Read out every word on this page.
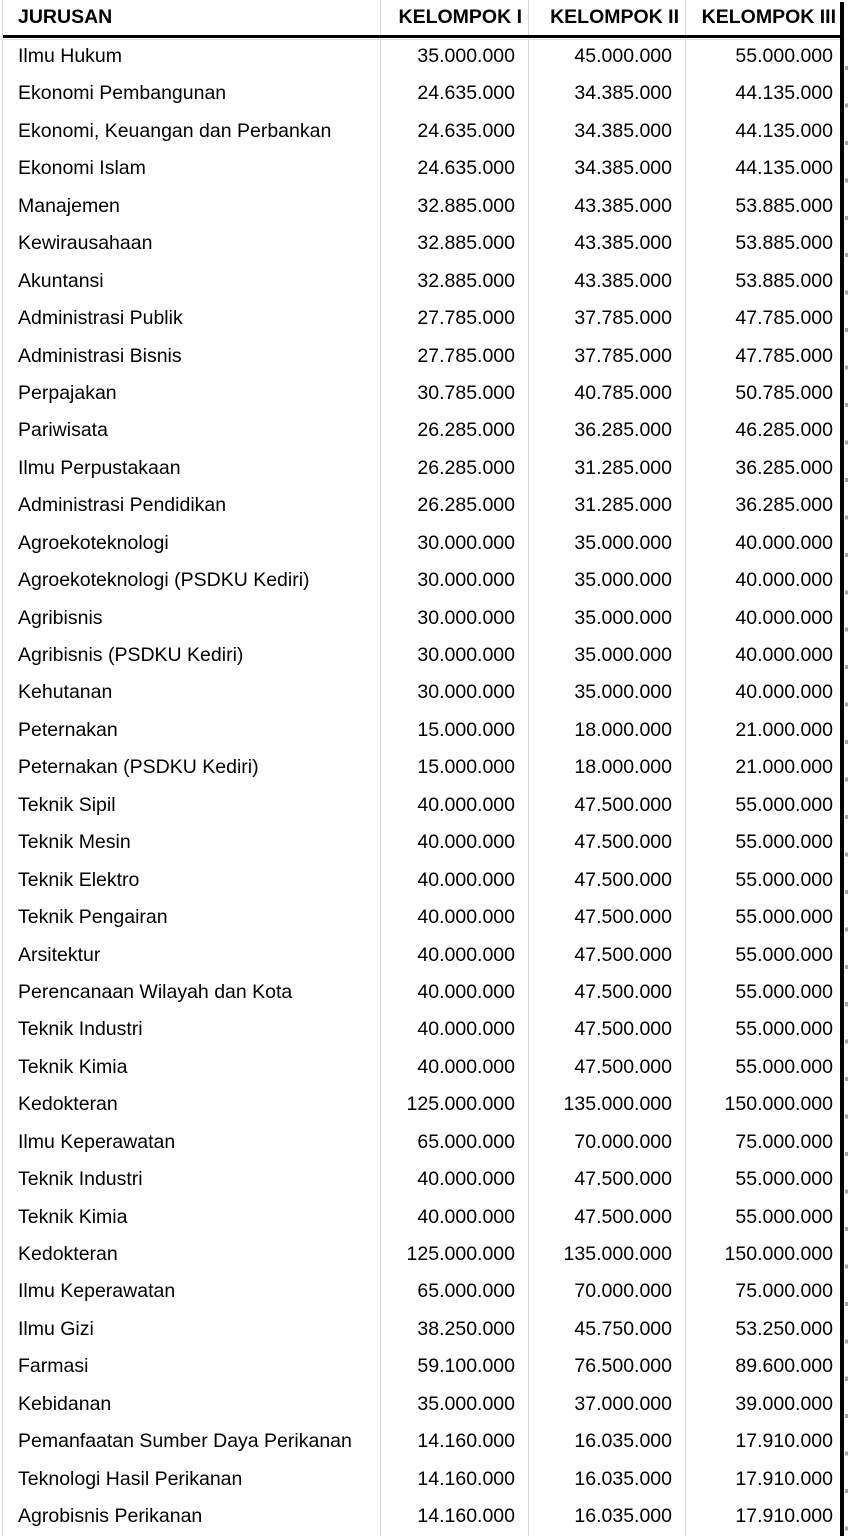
JURUSAN	KELOMPOK I	KELOMPOK II	KELOMPOK III
Ilmu Hukum	35.000.000	45.000.000	55.000.000
Ekonomi Pembangunan	24.635.000	34.385.000	44.135.000
Ekonomi, Keuangan dan Perbankan	24.635.000	34.385.000	44.135.000
Ekonomi Islam	24.635.000	34.385.000	44.135.000
Manajemen	32.885.000	43.385.000	53.885.000
Kewirausahaan	32.885.000	43.385.000	53.885.000
Akuntansi	32.885.000	43.385.000	53.885.000
Administrasi Publik	27.785.000	37.785.000	47.785.000
Administrasi Bisnis	27.785.000	37.785.000	47.785.000
Perpajakan	30.785.000	40.785.000	50.785.000
Pariwisata	26.285.000	36.285.000	46.285.000
Ilmu Perpustakaan	26.285.000	31.285.000	36.285.000
Administrasi Pendidikan	26.285.000	31.285.000	36.285.000
Agroekoteknologi	30.000.000	35.000.000	40.000.000
Agroekoteknologi (PSDKU Kediri)	30.000.000	35.000.000	40.000.000
Agribisnis	30.000.000	35.000.000	40.000.000
Agribisnis (PSDKU Kediri)	30.000.000	35.000.000	40.000.000
Kehutanan	30.000.000	35.000.000	40.000.000
Peternakan	15.000.000	18.000.000	21.000.000
Peternakan (PSDKU Kediri)	15.000.000	18.000.000	21.000.000
Teknik Sipil	40.000.000	47.500.000	55.000.000
Teknik Mesin	40.000.000	47.500.000	55.000.000
Teknik Elektro	40.000.000	47.500.000	55.000.000
Teknik Pengairan	40.000.000	47.500.000	55.000.000
Arsitektur	40.000.000	47.500.000	55.000.000
Perencanaan Wilayah dan Kota	40.000.000	47.500.000	55.000.000
Teknik Industri	40.000.000	47.500.000	55.000.000
Teknik Kimia	40.000.000	47.500.000	55.000.000
Kedokteran	125.000.000	135.000.000	150.000.000
Ilmu Keperawatan	65.000.000	70.000.000	75.000.000
Teknik Industri	40.000.000	47.500.000	55.000.000
Teknik Kimia	40.000.000	47.500.000	55.000.000
Kedokteran	125.000.000	135.000.000	150.000.000
Ilmu Keperawatan	65.000.000	70.000.000	75.000.000
Ilmu Gizi	38.250.000	45.750.000	53.250.000
Farmasi	59.100.000	76.500.000	89.600.000
Kebidanan	35.000.000	37.000.000	39.000.000
Pemanfaatan Sumber Daya Perikanan	14.160.000	16.035.000	17.910.000
Teknologi Hasil Perikanan	14.160.000	16.035.000	17.910.000
Agrobisnis Perikanan	14.160.000	16.035.000	17.910.000
